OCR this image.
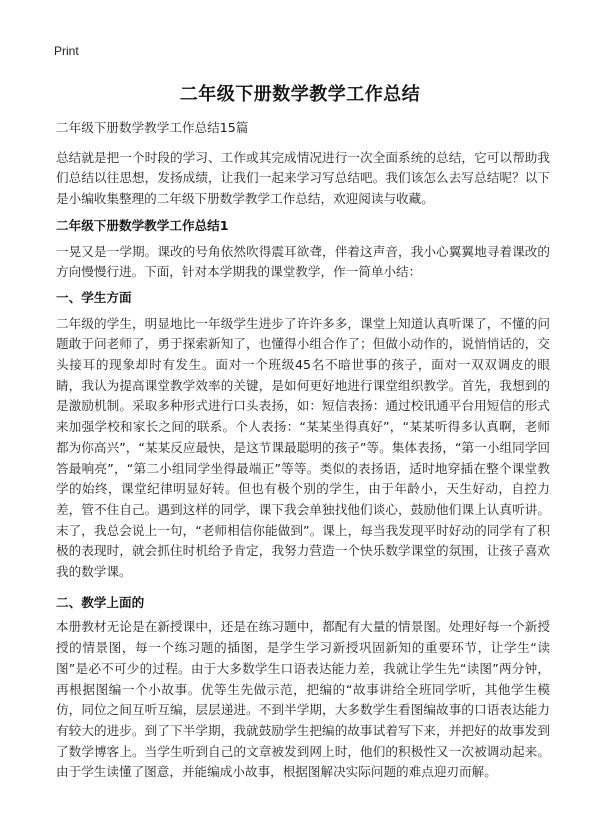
Print
二年级下册数学教学工作总结

二年级下册数学教学工作总结15篇

总结就是把一个时段的学习、工作或其完成情况进行一次全面系统的总结，它可以帮助我们总结以往思想，发扬成绩，让我们一起来学习写总结吧。我们该怎么去写总结呢？以下是小编收集整理的二年级下册数学教学工作总结，欢迎阅读与收藏。

二年级下册数学教学工作总结1

一晃又是一学期。课改的号角依然吹得震耳欲聋，伴着这声音，我小心翼翼地寻着课改的方向慢慢行进。下面，针对本学期我的课堂教学，作一简单小结：

一、学生方面

二年级的学生，明显地比一年级学生进步了许许多多，课堂上知道认真听课了，不懂的问题敢于问老师了，勇于探索新知了，也懂得小组合作了；但做小动作的，说悄悄话的，交头接耳的现象却时有发生。面对一个班级45名不暗世事的孩子，面对一双双调皮的眼睛，我认为提高课堂教学效率的关键，是如何更好地进行课堂组织教学。首先，我想到的是激励机制。采取多种形式进行口头表扬，如：短信表扬：通过校讯通平台用短信的形式来加强学校和家长之间的联系。个人表扬：“某某坐得真好”，“某某听得多认真啊，老师都为你高兴”，“某某反应最快，是这节课最聪明的孩子”等。集体表扬，“第一小组同学回答最响亮”，“第二小组同学坐得最端正”等等。类似的表扬语，适时地穿插在整个课堂教学的始终，课堂纪律明显好转。但也有极个别的学生，由于年龄小，天生好动，自控力差，管不住自己。遇到这样的同学，课下我会单独找他们谈心，鼓励他们课上认真听讲。末了，我总会说上一句，“老师相信你能做到”。课上，每当我发现平时好动的同学有了积极的表现时，就会抓住时机给予肯定，我努力营造一个快乐数学课堂的氛围，让孩子喜欢我的数学课。

二、教学上面的

本册教材无论是在新授课中，还是在练习题中，都配有大量的情景图。处理好每一个新授授的情景图，每一个练习题的插图，是学生学习新授巩固新知的重要环节，让学生“读图”是必不可少的过程。由于大多数学生口语表达能力差，我就让学生先“读图”两分钟，再根据图编一个小故事。优等生先做示范，把编的“故事讲给全班同学听，其他学生模仿，同位之间互听互编，层层递进。不到半学期，大多数学生看图编故事的口语表达能力有较大的进步。到了下半学期，我就鼓励学生把编的故事试着写下来，并把好的故事发到了数学博客上。当学生听到自己的文章被发到网上时，他们的积极性又一次被调动起来。由于学生读懂了图意，并能编成小故事，根据图解决实际问题的难点迎刃而解。
